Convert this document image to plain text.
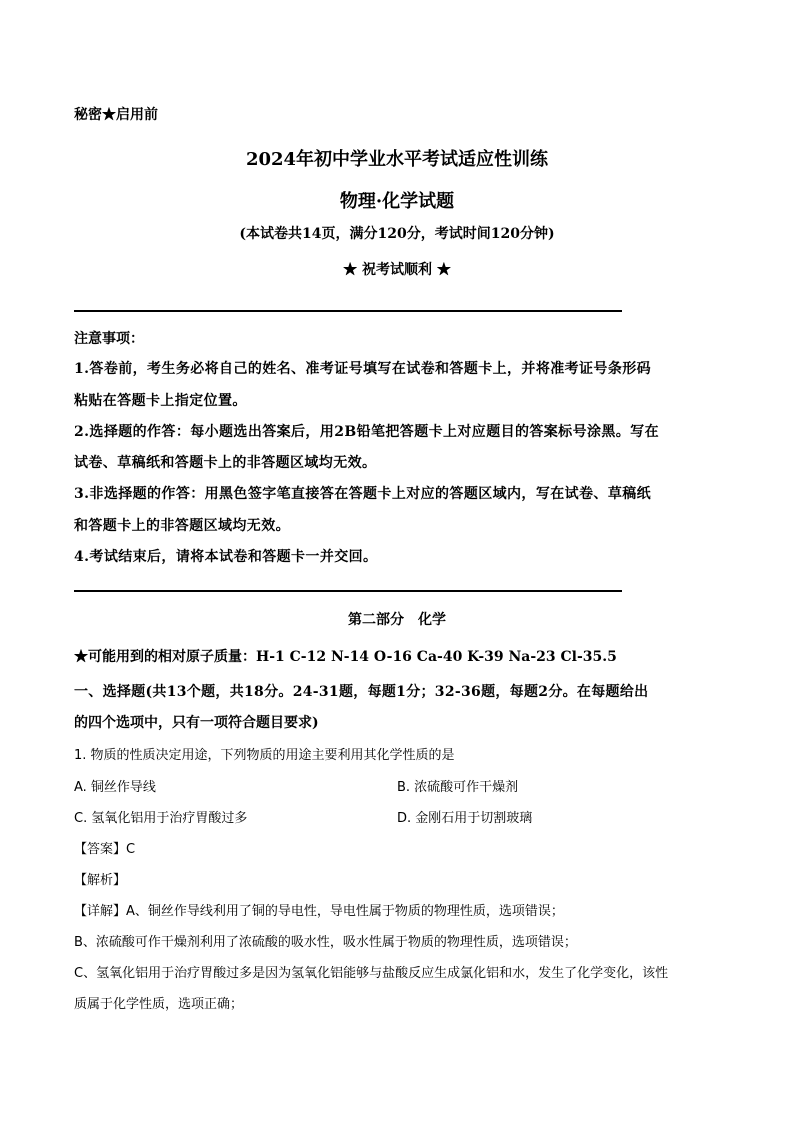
秘密★启用前
2024年初中学业水平考试适应性训练
物理·化学试题
(本试卷共14页，满分120分，考试时间120分钟)
★ 祝考试顺利 ★
注意事项：
1.答卷前，考生务必将自己的姓名、准考证号填写在试卷和答题卡上，并将准考证号条形码
粘贴在答题卡上指定位置。
2.选择题的作答：每小题选出答案后，用2B铅笔把答题卡上对应题目的答案标号涂黑。写在
试卷、草稿纸和答题卡上的非答题区域均无效。
3.非选择题的作答：用黑色签字笔直接答在答题卡上对应的答题区域内，写在试卷、草稿纸
和答题卡上的非答题区域均无效。
4.考试结束后，请将本试卷和答题卡一并交回。
第二部分　化学
★可能用到的相对原子质量：H-1 C-12 N-14 O-16 Ca-40 K-39 Na-23 Cl-35.5
一、选择题(共13个题，共18分。24-31题，每题1分；32-36题，每题2分。在每题给出
的四个选项中，只有一项符合题目要求)
1. 物质的性质决定用途，下列物质的用途主要利用其化学性质的是
A. 铜丝作导线	B. 浓硫酸可作干燥剂
C. 氢氧化铝用于治疗胃酸过多	D. 金刚石用于切割玻璃
【答案】C
【解析】
【详解】A、铜丝作导线利用了铜的导电性，导电性属于物质的物理性质，选项错误；
B、浓硫酸可作干燥剂利用了浓硫酸的吸水性，吸水性属于物质的物理性质，选项错误；
C、氢氧化铝用于治疗胃酸过多是因为氢氧化铝能够与盐酸反应生成氯化铝和水，发生了化学变化，该性
质属于化学性质，选项正确；
